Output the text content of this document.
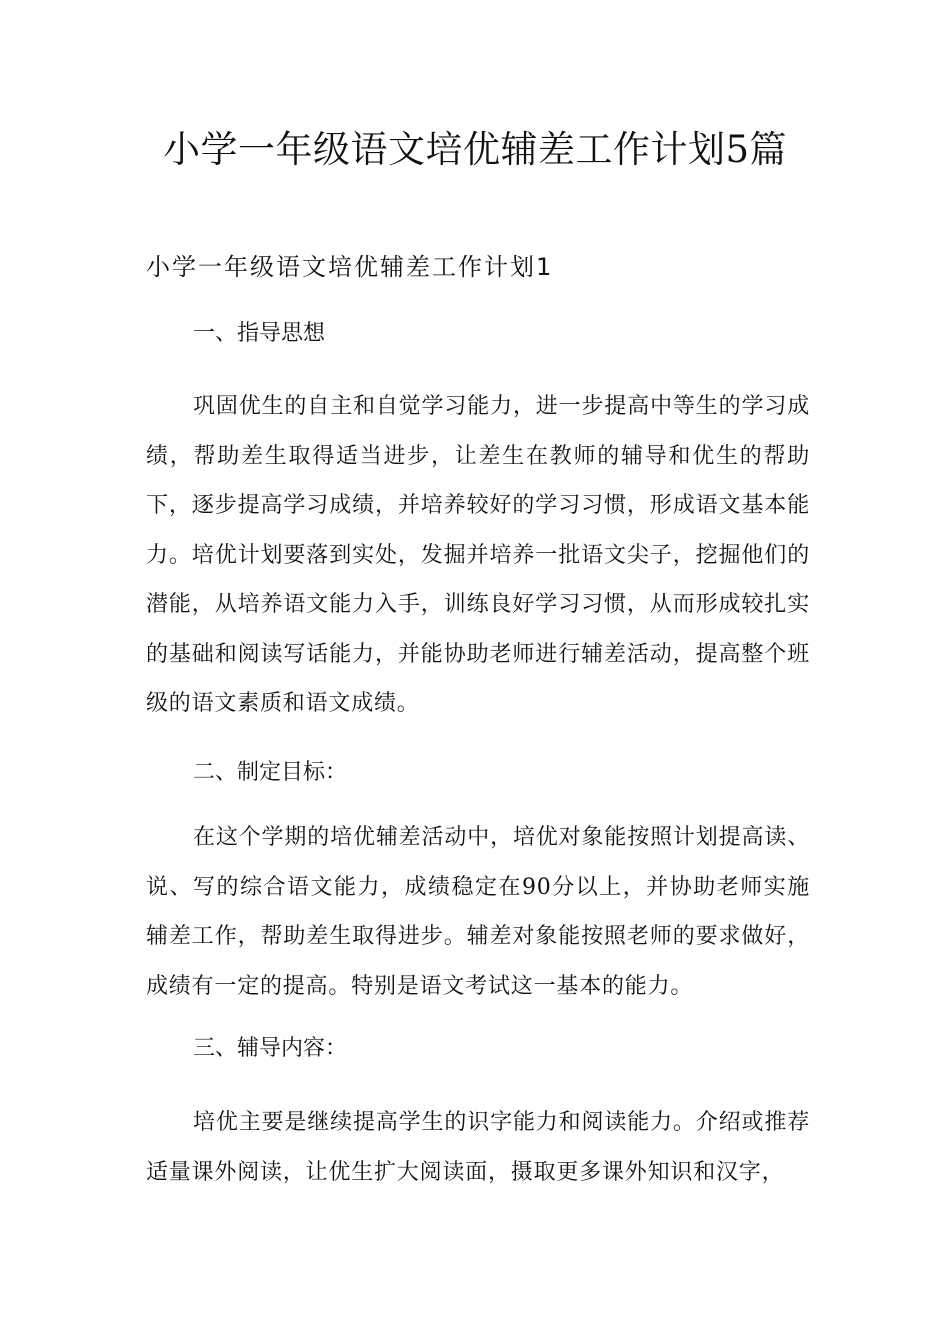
小学一年级语文培优辅差工作计划5篇
小学一年级语文培优辅差工作计划1

一、指导思想

巩固优生的自主和自觉学习能力，进一步提高中等生的学习成绩，帮助差生取得适当进步，让差生在教师的辅导和优生的帮助下，逐步提高学习成绩，并培养较好的学习习惯，形成语文基本能力。培优计划要落到实处，发掘并培养一批语文尖子，挖掘他们的潜能，从培养语文能力入手，训练良好学习习惯，从而形成较扎实的基础和阅读写话能力，并能协助老师进行辅差活动，提高整个班级的语文素质和语文成绩。

二、制定目标：

在这个学期的培优辅差活动中，培优对象能按照计划提高读、说、写的综合语文能力，成绩稳定在90分以上，并协助老师实施辅差工作，帮助差生取得进步。辅差对象能按照老师的要求做好，成绩有一定的提高。特别是语文考试这一基本的能力。

三、辅导内容：

培优主要是继续提高学生的识字能力和阅读能力。介绍或推荐适量课外阅读，让优生扩大阅读面，摄取更多课外知识和汉字，
